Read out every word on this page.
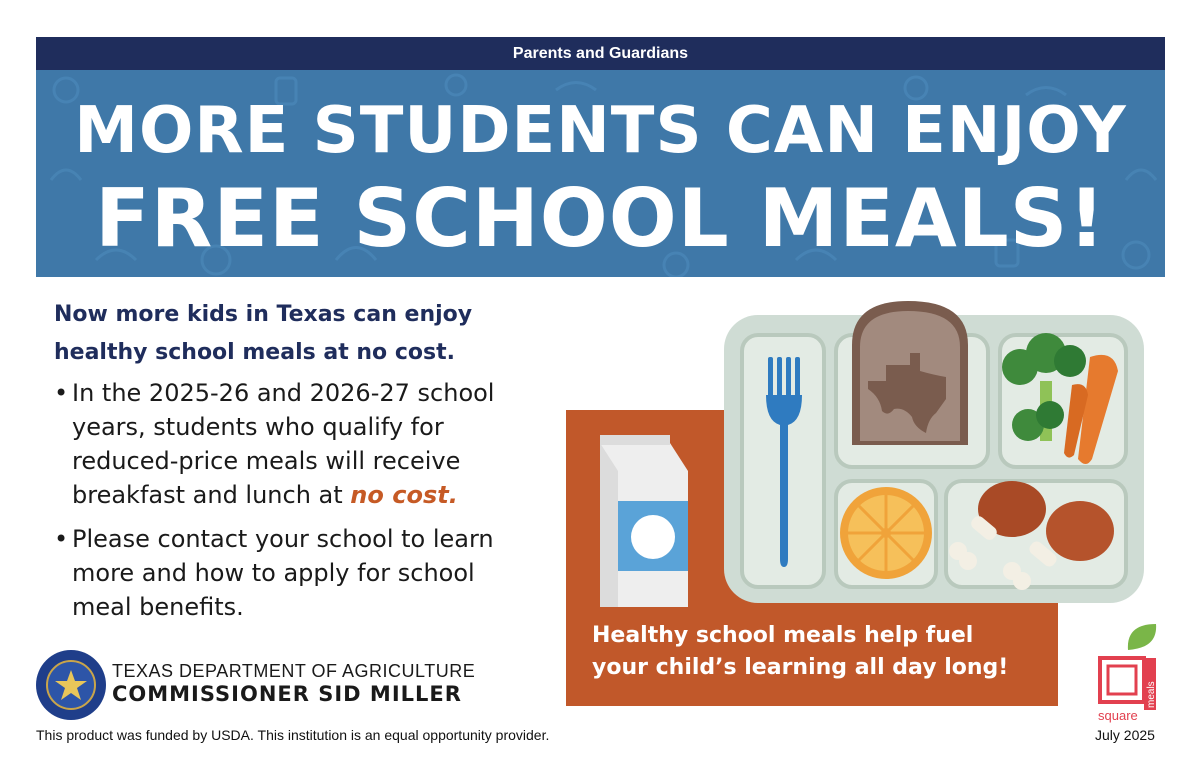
Parents and Guardians
MORE STUDENTS CAN ENJOY
FREE SCHOOL MEALS!
Now more kids in Texas can enjoy
healthy school meals at no cost.
• In the 2025-26 and 2026-27 school
years, students who qualify for
reduced-price meals will receive
breakfast and lunch at no cost.
• Please contact your school to learn
more and how to apply for school
meal benefits.
Healthy school meals help fuel
your child’s learning all day long!
TEXAS DEPARTMENT OF AGRICULTURE
COMMISSIONER SID MILLER
square
meals
This product was funded by USDA. This institution is an equal opportunity provider.	July 2025
